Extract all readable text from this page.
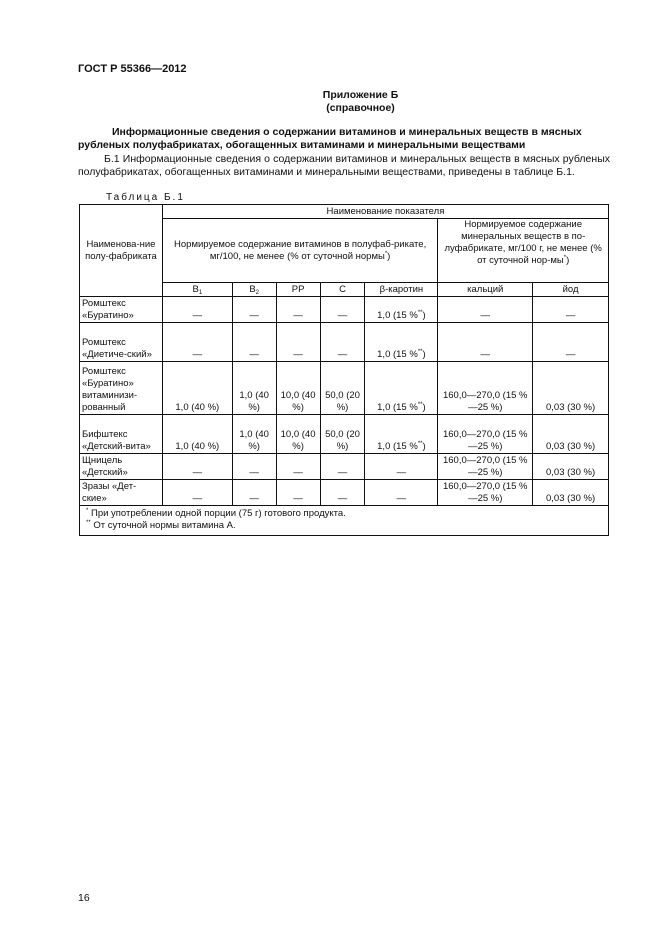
ГОСТ Р 55366—2012
Приложение Б
(справочное)
Информационные сведения о содержании витаминов и минеральных веществ в мясных рубленых полуфабрикатах, обогащенных витаминами и минеральными веществами
Б.1 Информационные сведения о содержании витаминов и минеральных веществ в мясных рубленых полуфабрикатах, обогащенных витаминами и минеральными веществами, приведены в таблице Б.1.
Таблица Б.1
Наименова-ние полу-фабриката	Наименование показателя						
	Нормируемое содержание витаминов в полуфаб-рикате, мг/100, не менее (% от суточной нормы*)					Нормируемое содержание минеральных веществ в по-луфабрикате, мг/100 г, не менее (% от суточной нор-мы*)	
	$В_1$	$В_2$	РР	С	β-каротин	кальций	йод
Ромштекс «Буратино»	—	—	—	—	1,0 (15 %**)	—	—
Ромштекс «Диетиче-ский»	—	—	—	—	1,0 (15 %**)	—	—
Ромштекс «Буратино» витаминизи-рованный	1,0 (40 %)	1,0 (40 %)	10,0 (40 %)	50,0 (20 %)	1,0 (15 %**)	160,0—270,0 (15 %—25 %)	0,03 (30 %)
Бифштекс «Детский-вита»	1,0 (40 %)	1,0 (40 %)	10,0 (40 %)	50,0 (20 %)	1,0 (15 %**)	160,0—270,0 (15 %—25 %)	0,03 (30 %)
Щницель «Детский»	—	—	—	—	—	160,0—270,0 (15 %—25 %)	0,03 (30 %)
Зразы «Дет-ские»	—	—	—	—	—	160,0—270,0 (15 % —25 %)	0,03 (30 %)

* При употреблении одной порции (75 г) готового продукта.
** От суточной нормы витамина А.							
16
